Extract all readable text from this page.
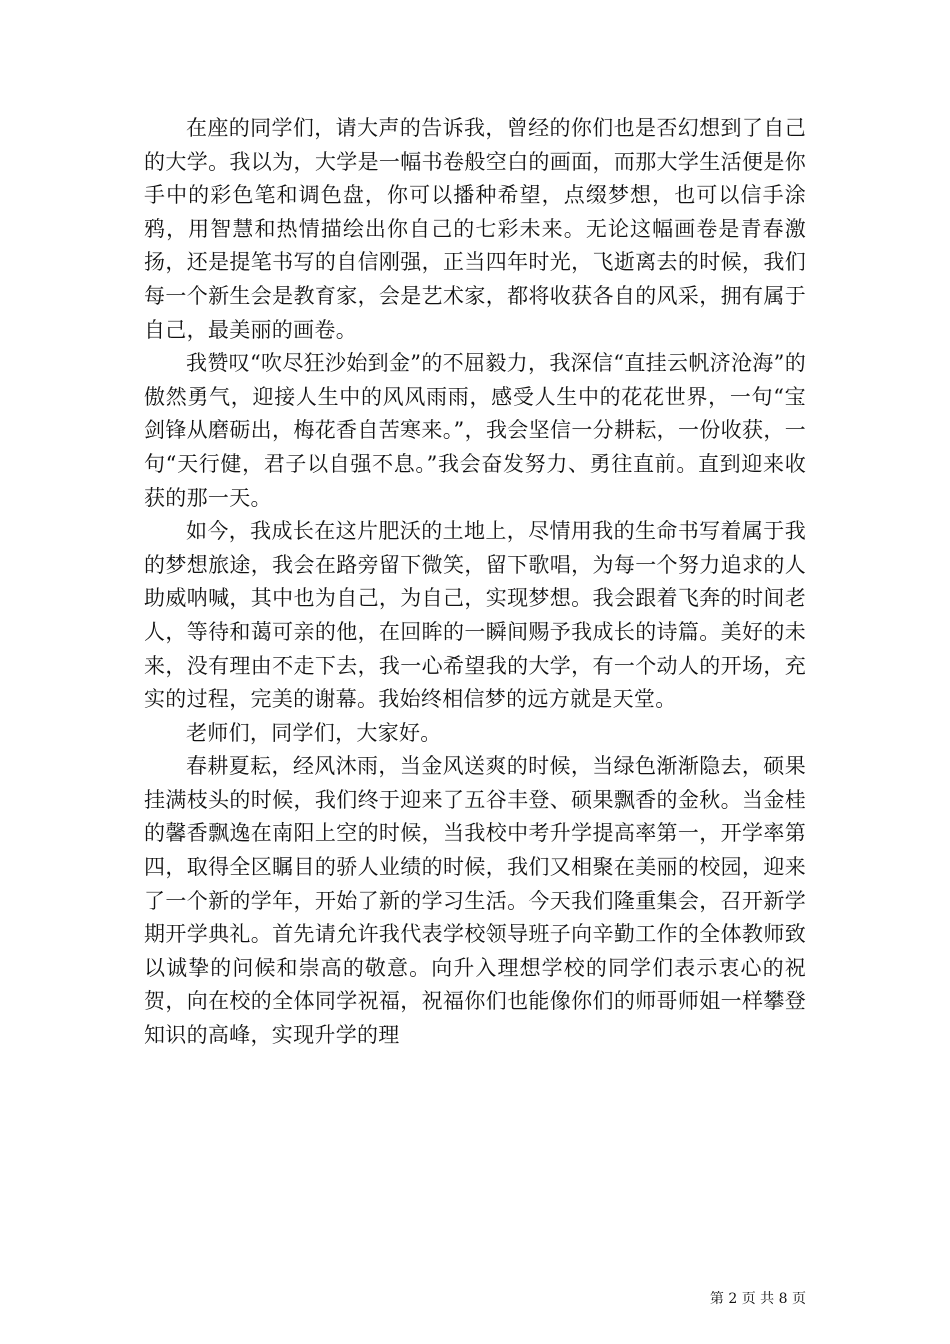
在座的同学们，请大声的告诉我，曾经的你们也是否幻想到了自己的大学。我以为，大学是一幅书卷般空白的画面，而那大学生活便是你手中的彩色笔和调色盘，你可以播种希望，点缀梦想，也可以信手涂鸦，用智慧和热情描绘出你自己的七彩未来。无论这幅画卷是青春激扬，还是提笔书写的自信刚强，正当四年时光，飞逝离去的时候，我们每一个新生会是教育家，会是艺术家，都将收获各自的风采，拥有属于自己，最美丽的画卷。

我赞叹“吹尽狂沙始到金”的不屈毅力，我深信“直挂云帆济沧海”的傲然勇气，迎接人生中的风风雨雨，感受人生中的花花世界，一句“宝剑锋从磨砺出，梅花香自苦寒来。”，我会坚信一分耕耘，一份收获，一句“天行健，君子以自强不息。”我会奋发努力、勇往直前。直到迎来收获的那一天。

如今，我成长在这片肥沃的土地上，尽情用我的生命书写着属于我的梦想旅途，我会在路旁留下微笑，留下歌唱，为每一个努力追求的人助威呐喊，其中也为自己，为自己，实现梦想。我会跟着飞奔的时间老人，等待和蔼可亲的他，在回眸的一瞬间赐予我成长的诗篇。美好的未来，没有理由不走下去，我一心希望我的大学，有一个动人的开场，充实的过程，完美的谢幕。我始终相信梦的远方就是天堂。

老师们，同学们，大家好。

春耕夏耘，经风沐雨，当金风送爽的时候，当绿色渐渐隐去，硕果挂满枝头的时候，我们终于迎来了五谷丰登、硕果飘香的金秋。当金桂的馨香飘逸在南阳上空的时候，当我校中考升学提高率第一，开学率第四，取得全区瞩目的骄人业绩的时候，我们又相聚在美丽的校园，迎来了一个新的学年，开始了新的学习生活。今天我们隆重集会，召开新学期开学典礼。首先请允许我代表学校领导班子向辛勤工作的全体教师致以诚挚的问候和崇高的敬意。向升入理想学校的同学们表示衷心的祝贺，向在校的全体同学祝福，祝福你们也能像你们的师哥师姐一样攀登知识的高峰，实现升学的理

第 2 页 共 8 页
